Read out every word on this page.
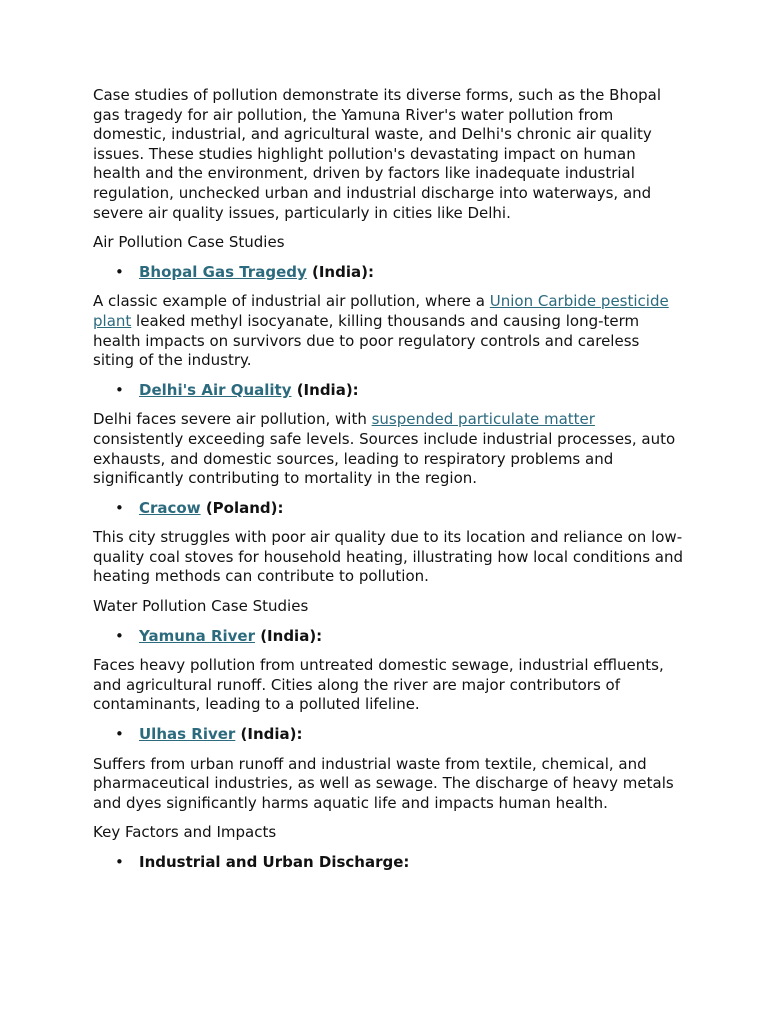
Case studies of pollution demonstrate its diverse forms, such as the Bhopal gas tragedy for air pollution, the Yamuna River's water pollution from domestic, industrial, and agricultural waste, and Delhi's chronic air quality issues. These studies highlight pollution's devastating impact on human health and the environment, driven by factors like inadequate industrial regulation, unchecked urban and industrial discharge into waterways, and severe air quality issues, particularly in cities like Delhi.

Air Pollution Case Studies

• Bhopal Gas Tragedy (India):

A classic example of industrial air pollution, where a Union Carbide pesticide plant leaked methyl isocyanate, killing thousands and causing long-term health impacts on survivors due to poor regulatory controls and careless siting of the industry.

• Delhi's Air Quality (India):

Delhi faces severe air pollution, with suspended particulate matter consistently exceeding safe levels. Sources include industrial processes, auto exhausts, and domestic sources, leading to respiratory problems and significantly contributing to mortality in the region.

• Cracow (Poland):

This city struggles with poor air quality due to its location and reliance on low-quality coal stoves for household heating, illustrating how local conditions and heating methods can contribute to pollution.

Water Pollution Case Studies

• Yamuna River (India):

Faces heavy pollution from untreated domestic sewage, industrial effluents, and agricultural runoff. Cities along the river are major contributors of contaminants, leading to a polluted lifeline.

• Ulhas River (India):

Suffers from urban runoff and industrial waste from textile, chemical, and pharmaceutical industries, as well as sewage. The discharge of heavy metals and dyes significantly harms aquatic life and impacts human health.

Key Factors and Impacts

• Industrial and Urban Discharge:
